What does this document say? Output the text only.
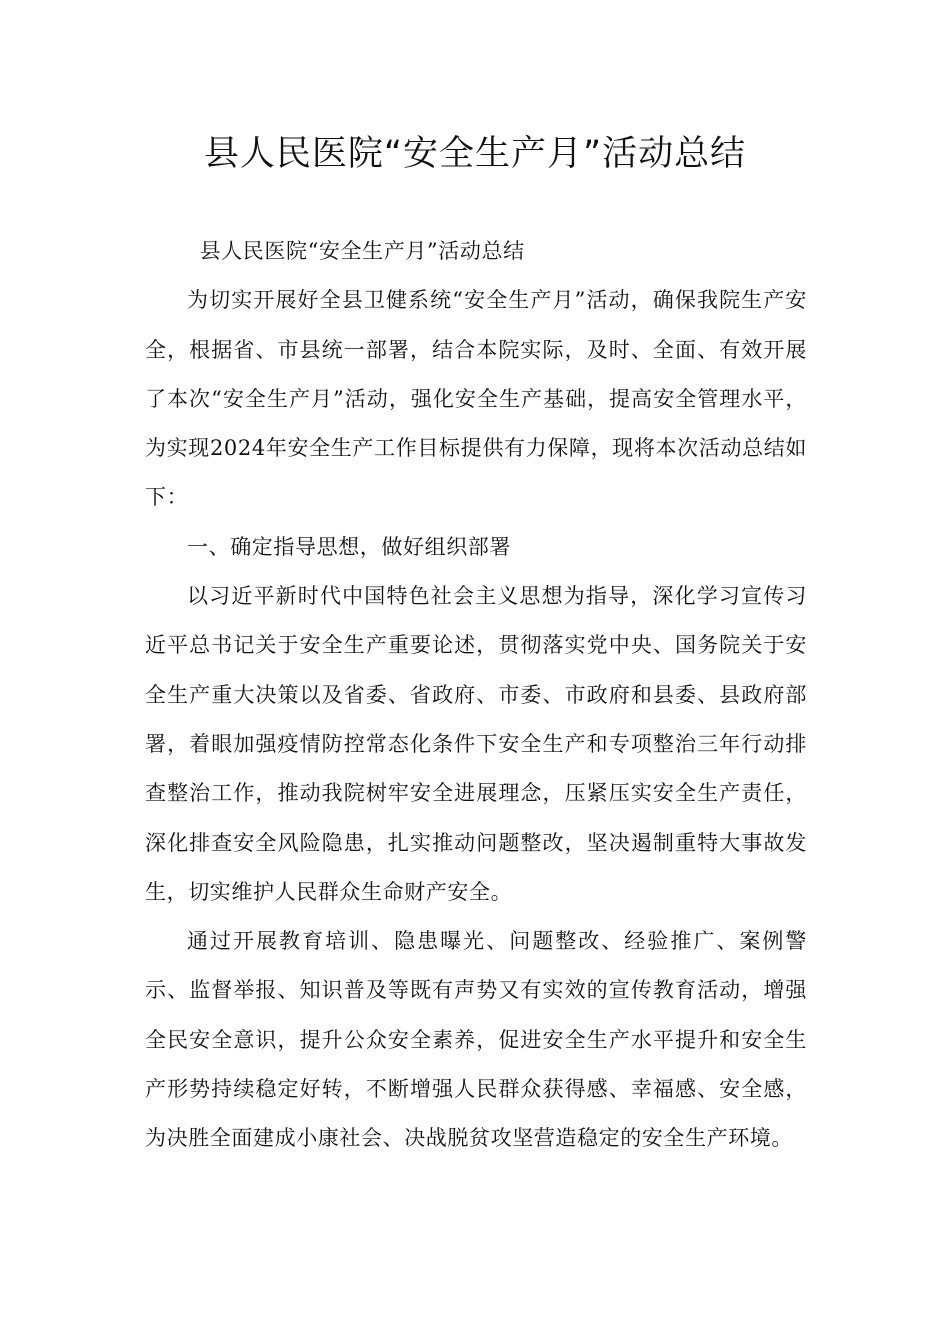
县人民医院“安全生产月”活动总结

县人民医院“安全生产月”活动总结

为切实开展好全县卫健系统“安全生产月”活动，确保我院生产安全，根据省、市县统一部署，结合本院实际，及时、全面、有效开展了本次“安全生产月”活动，强化安全生产基础，提高安全管理水平，为实现2024年安全生产工作目标提供有力保障，现将本次活动总结如下：

一、确定指导思想，做好组织部署

以习近平新时代中国特色社会主义思想为指导，深化学习宣传习近平总书记关于安全生产重要论述，贯彻落实党中央、国务院关于安全生产重大决策以及省委、省政府、市委、市政府和县委、县政府部署，着眼加强疫情防控常态化条件下安全生产和专项整治三年行动排查整治工作，推动我院树牢安全进展理念，压紧压实安全生产责任，深化排查安全风险隐患，扎实推动问题整改，坚决遏制重特大事故发生，切实维护人民群众生命财产安全。

通过开展教育培训、隐患曝光、问题整改、经验推广、案例警示、监督举报、知识普及等既有声势又有实效的宣传教育活动，增强全民安全意识，提升公众安全素养，促进安全生产水平提升和安全生产形势持续稳定好转，不断增强人民群众获得感、幸福感、安全感，为决胜全面建成小康社会、决战脱贫攻坚营造稳定的安全生产环境。
